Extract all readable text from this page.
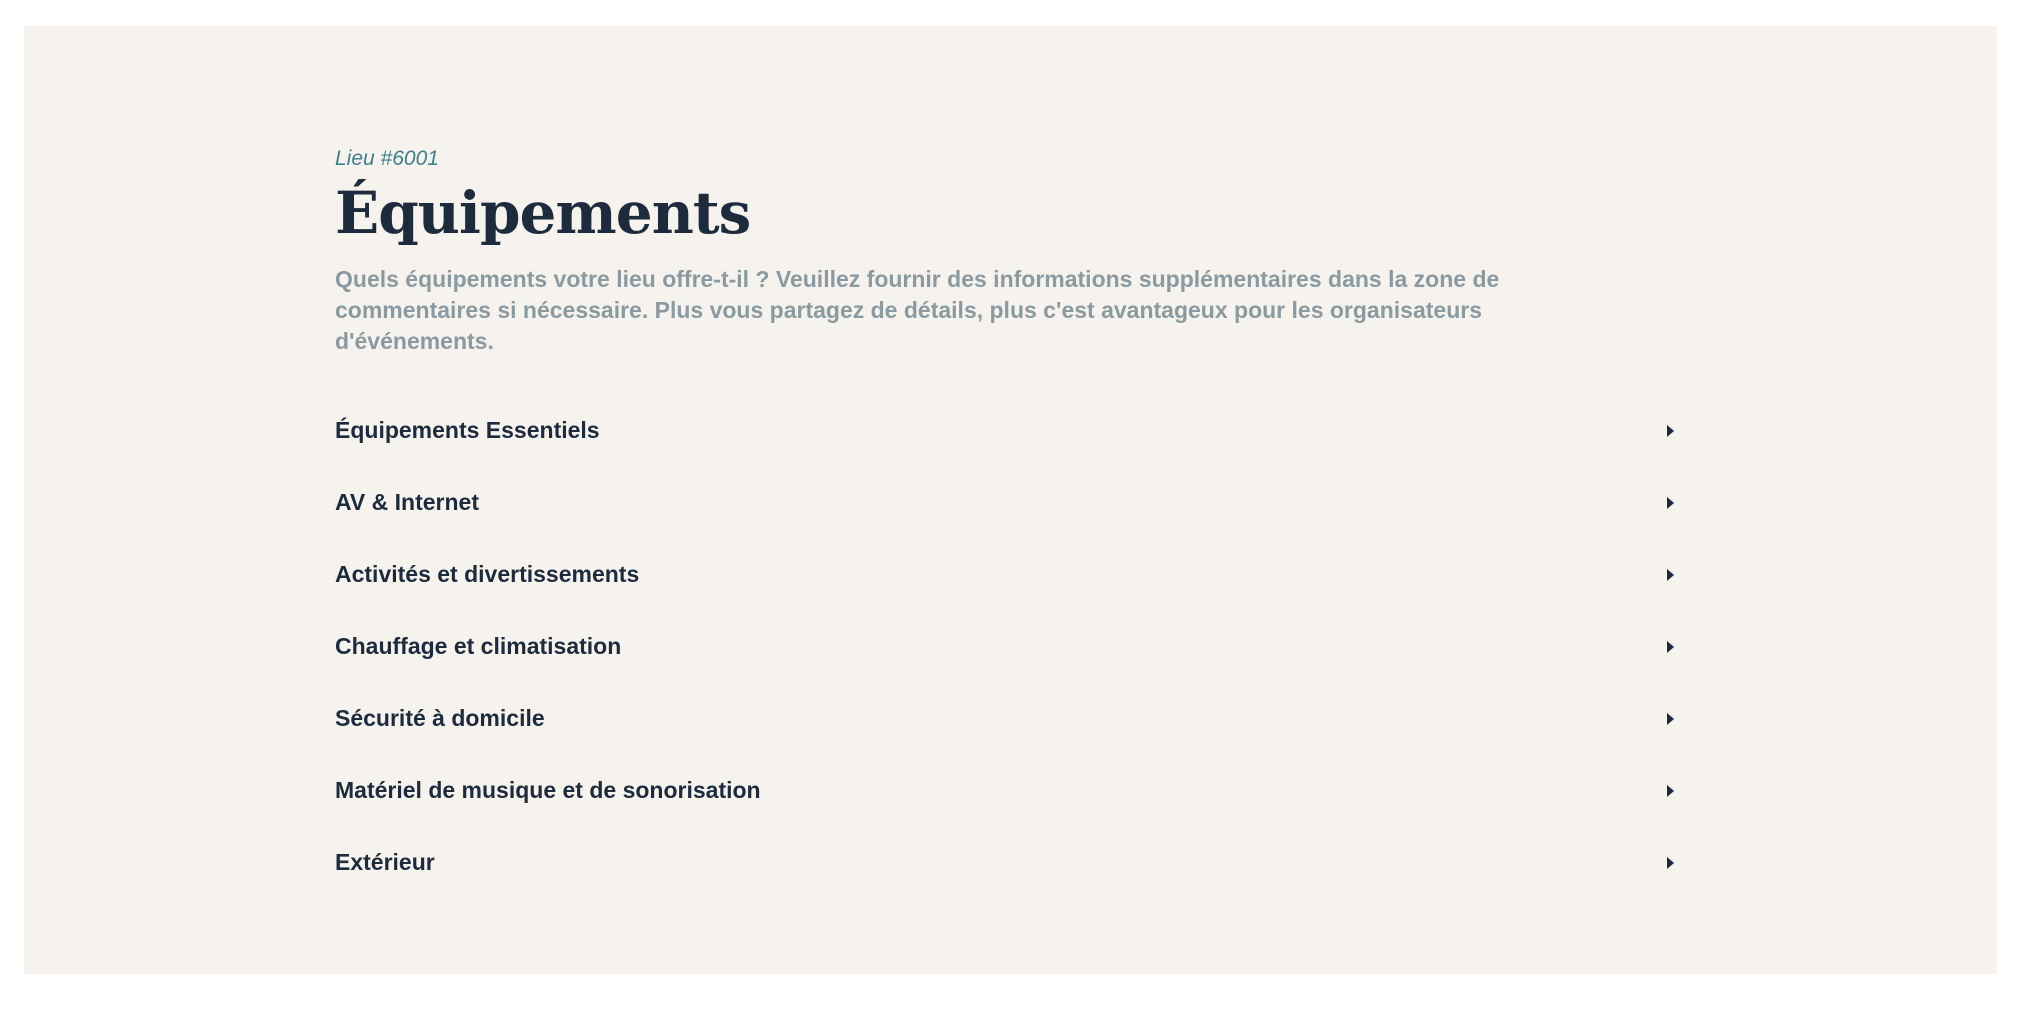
Lieu #6001

Équipements

Quels équipements votre lieu offre-t-il ? Veuillez fournir des informations supplémentaires dans la zone de commentaires si nécessaire. Plus vous partagez de détails, plus c'est avantageux pour les organisateurs d'événements.

Équipements Essentiels
AV & Internet
Activités et divertissements
Chauffage et climatisation
Sécurité à domicile
Matériel de musique et de sonorisation
Extérieur
